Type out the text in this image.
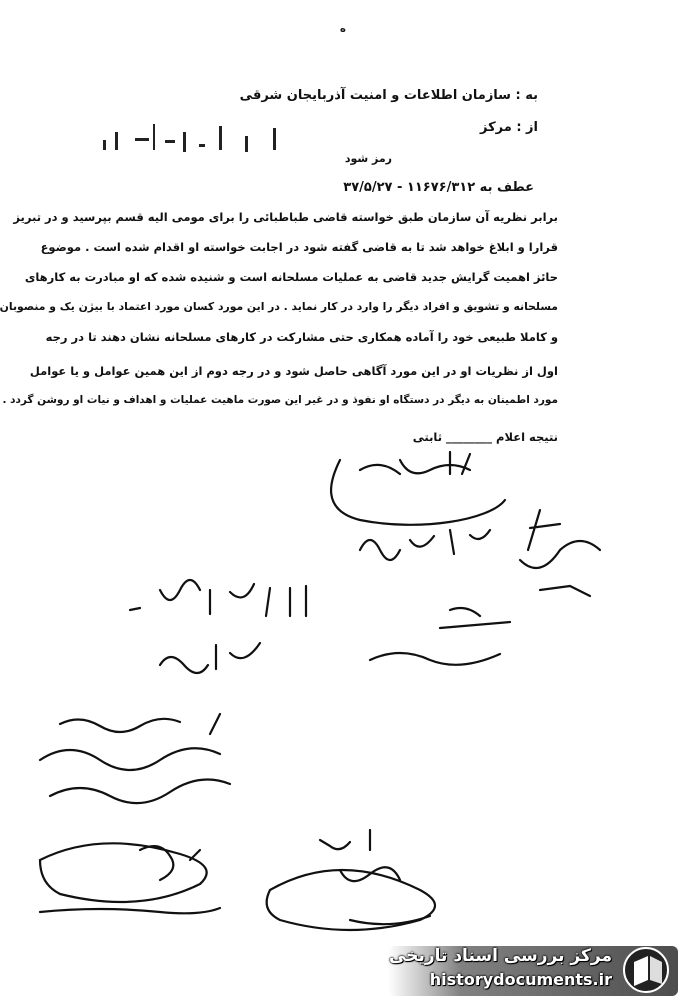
ه
به : سازمان اطلاعات و امنیت آذربایجان شرقی
از : مرکز
رمز شود
عطف به ۱۱۶۷۶/۳۱۲ - ۳۷/۵/۲۷
برابر نظریه آن سازمان طبق خواسته قاضی طباطبائی را برای مومی الیه قسم بپرسید و در تبریز
قرارا و ابلاغ خواهد شد تا به قاضی گفته شود در اجابت خواسته او اقدام شده است . موضوع
حائز اهمیت گرایش جدید قاضی به عملیات مسلحانه است و شنیده شده که او مبادرت به کارهای
مسلحانه و تشویق و افراد دیگر را وارد در کار نماید . در این مورد کسان مورد اعتماد با بیژن یک و منصوبان
و کاملا طبیعی خود را آماده همکاری حتی مشارکت در کارهای مسلحانه نشان دهند تا در رجه
اول از نظریات او در این مورد آگاهی حاصل شود و در رجه دوم از این همین عوامل و یا عوامل
مورد اطمینان به دیگر در دستگاه او نفوذ و در غیر این صورت ماهیت عملیات و اهداف و نیات او روشن گردد .
نتیجه اعلام ________ ثابتی
مرکز بررسی اسناد تاریخی
historydocuments.ir
